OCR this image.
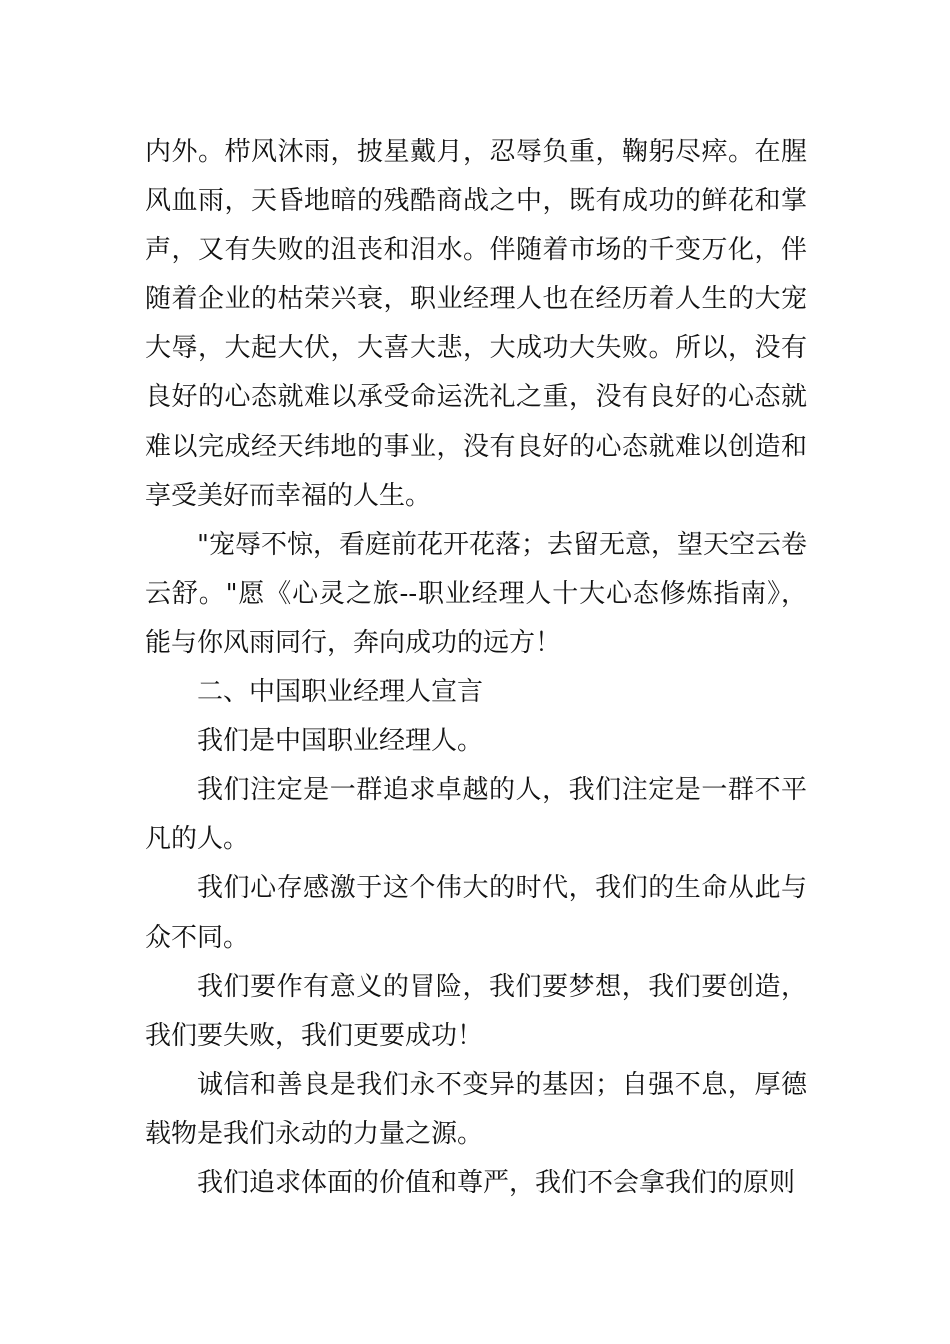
内外。栉风沐雨，披星戴月，忍辱负重，鞠躬尽瘁。在腥风血雨，天昏地暗的残酷商战之中，既有成功的鲜花和掌声，又有失败的沮丧和泪水。伴随着市场的千变万化，伴随着企业的枯荣兴衰，职业经理人也在经历着人生的大宠大辱，大起大伏，大喜大悲，大成功大失败。所以，没有良好的心态就难以承受命运洗礼之重，没有良好的心态就难以完成经天纬地的事业，没有良好的心态就难以创造和享受美好而幸福的人生。

"宠辱不惊，看庭前花开花落；去留无意，望天空云卷云舒。"愿《心灵之旅--职业经理人十大心态修炼指南》，能与你风雨同行，奔向成功的远方！

二、中国职业经理人宣言

我们是中国职业经理人。

我们注定是一群追求卓越的人，我们注定是一群不平凡的人。

我们心存感激于这个伟大的时代，我们的生命从此与众不同。

我们要作有意义的冒险，我们要梦想，我们要创造，我们要失败，我们更要成功！

诚信和善良是我们永不变异的基因；自强不息，厚德载物是我们永动的力量之源。

我们追求体面的价值和尊严，我们不会拿我们的原则
